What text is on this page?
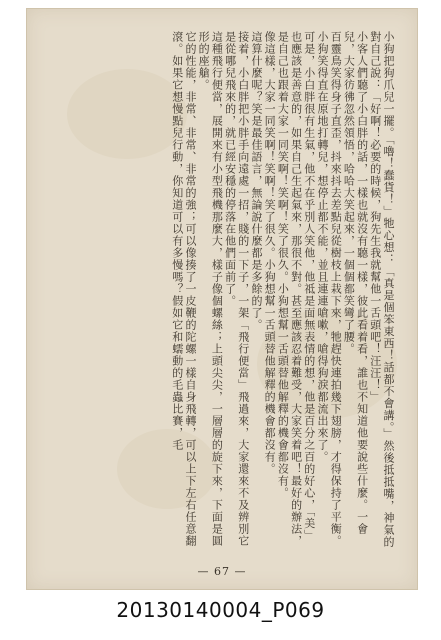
小狗把狗爪兒一擺。「嚕！蠢貨！」牠心想：「真是個笨東西！話都不會講。」然後抵抵嘴，神氣的對自己說：「好啊！必要的時候，狗先生我就幫他一舌頭吧！汪汪！」

小客人們聽了小白胖的話，一樣也就沒有聽一樣，彼此看着看，誰也不知道他要說些什麼。一會兒，大家彷彿忽然領悟，哈哈大笑起來，一個個都笑彎了腰。

百靈鳥笑得身子直歪，抖來抖去差點兒從樹枝上栽下來，牠趕快連拍幾下翅膀，才得保持了平衡。

小狗笑得直在原地打轉兒，想停止都不能，並且連連嗆嗽，嗆得狗淚都流出來了。

可是，小白胖很有生氣，他不在乎別人笑他，他祗是面無表情的想，他是百分之百的好心，「美」也應該是善意的，如果自己生起氣來，那很不對。甚至應該忍着難受，大家笑着吧！最好的辦法，是自己也跟着大家一同笑啊！笑啊！笑了很久。小狗想幫一舌頭替他解釋的機會都沒有。

像這樣，大家一同笑啊！笑啊！笑了很久。小狗想幫一舌頭替他解釋的機會都沒有。

這算什麼呢？笑是最佳語言，無論說什麼都是多餘的了。

接着，小白胖把小胖手向遠處一招，賤的一下子，一架「飛行便當」飛過來，大家還來不及辨別它是從哪兒飛來的，就已經安穩的停落在他們面前了。

這種飛行便當，展開來有小型飛機那麼大，樣子像個螺絲；上頭尖尖，一層層的旋下來，下面是圓形的座艙。

它的性能，非常、非常、非常的強；可以像揍了一皮鞭的陀螺一樣自身飛轉，可以上下左右任意翻滾。如果它想慢點兒行動，你知道可以有多慢嗎？假如它和蠕動的毛蟲比賽，毛

— 67 —
20130140004_P069
